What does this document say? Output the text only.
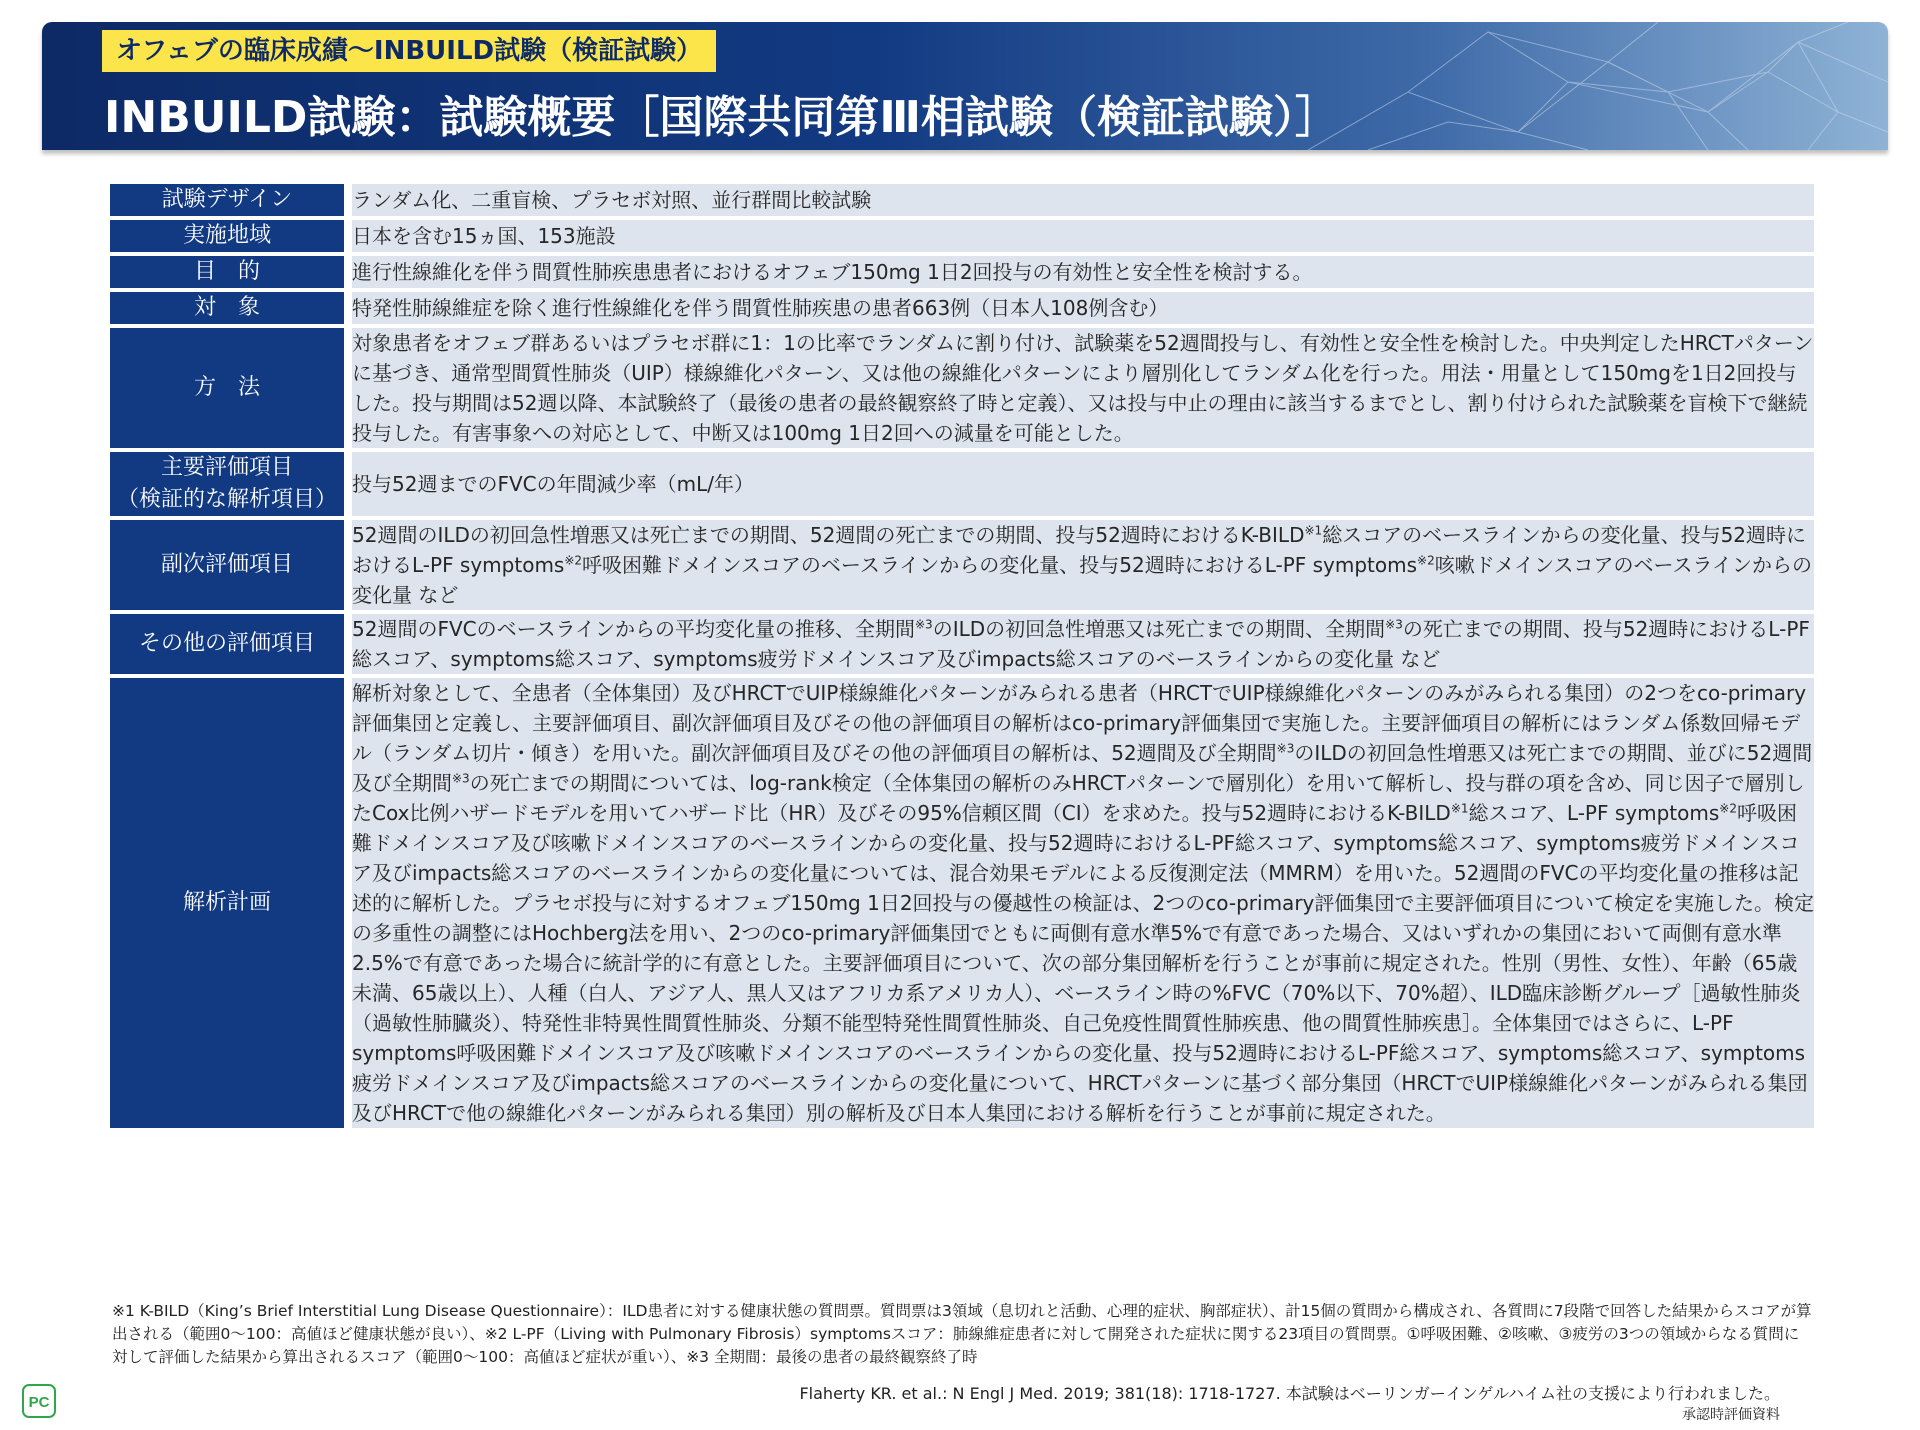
オフェブの臨床成績〜INBUILD試験（検証試験）
INBUILD試験：試験概要［国際共同第Ⅲ相試験（検証試験）］
試験デザイン		ランダム化、二重盲検、プラセボ対照、並行群間比較試験

実施地域		日本を含む15ヵ国、153施設

目　的		進行性線維化を伴う間質性肺疾患患者におけるオフェブ150mg 1日2回投与の有効性と安全性を検討する。

対　象		特発性肺線維症を除く進行性線維化を伴う間質性肺疾患の患者663例（日本人108例含む）

方　法		対象患者をオフェブ群あるいはプラセボ群に1：1の比率でランダムに割り付け、試験薬を52週間投与し、有効性と安全性を検討した。中央判定したHRCTパターンに基づき、通常型間質性肺炎（UIP）様線維化パターン、又は他の線維化パターンにより層別化してランダム化を行った。用法・用量として150mgを1日2回投与した。投与期間は52週以降、本試験終了（最後の患者の最終観察終了時と定義）、又は投与中止の理由に該当するまでとし、割り付けられた試験薬を盲検下で継続投与した。有害事象への対応として、中断又は100mg 1日2回への減量を可能とした。

主要評価項目
（検証的な解析項目）		投与52週までのFVCの年間減少率（mL/年）

副次評価項目		52週間のILDの初回急性増悪又は死亡までの期間、52週間の死亡までの期間、投与52週時におけるK-BILD$^{※1}$総スコアのベースラインからの変化量、投与52週時におけるL-PF symptoms$^{※2}$呼吸困難ドメインスコアのベースラインからの変化量、投与52週時におけるL-PF symptoms$^{※2}$咳嗽ドメインスコアのベースラインからの変化量 など

その他の評価項目		52週間のFVCのベースラインからの平均変化量の推移、全期間$^{※3}$のILDの初回急性増悪又は死亡までの期間、全期間$^{※3}$の死亡までの期間、投与52週時におけるL-PF総スコア、symptoms総スコア、symptoms疲労ドメインスコア及びimpacts総スコアのベースラインからの変化量 など

解析計画		解析対象として、全患者（全体集団）及びHRCTでUIP様線維化パターンがみられる患者（HRCTでUIP様線維化パターンのみがみられる集団）の2つをco-primary評価集団と定義し、主要評価項目、副次評価項目及びその他の評価項目の解析はco-primary評価集団で実施した。主要評価項目の解析にはランダム係数回帰モデル（ランダム切片・傾き）を用いた。副次評価項目及びその他の評価項目の解析は、52週間及び全期間$^{※3}$のILDの初回急性増悪又は死亡までの期間、並びに52週間及び全期間$^{※3}$の死亡までの期間については、log-rank検定（全体集団の解析のみHRCTパターンで層別化）を用いて解析し、投与群の項を含め、同じ因子で層別したCox比例ハザードモデルを用いてハザード比（HR）及びその95%信頼区間（CI）を求めた。投与52週時におけるK-BILD$^{※1}$総スコア、L-PF symptoms$^{※2}$呼吸困難ドメインスコア及び咳嗽ドメインスコアのベースラインからの変化量、投与52週時におけるL-PF総スコア、symptoms総スコア、symptoms疲労ドメインスコア及びimpacts総スコアのベースラインからの変化量については、混合効果モデルによる反復測定法（MMRM）を用いた。52週間のFVCの平均変化量の推移は記述的に解析した。プラセボ投与に対するオフェブ150mg 1日2回投与の優越性の検証は、2つのco-primary評価集団で主要評価項目について検定を実施した。検定の多重性の調整にはHochberg法を用い、2つのco-primary評価集団でともに両側有意水準5%で有意であった場合、又はいずれかの集団において両側有意水準2.5%で有意であった場合に統計学的に有意とした。主要評価項目について、次の部分集団解析を行うことが事前に規定された。性別（男性、女性）、年齢（65歳未満、65歳以上）、人種（白人、アジア人、黒人又はアフリカ系アメリカ人）、ベースライン時の%FVC（70%以下、70%超）、ILD臨床診断グループ［過敏性肺炎（過敏性肺臓炎）、特発性非特異性間質性肺炎、分類不能型特発性間質性肺炎、自己免疫性間質性肺疾患、他の間質性肺疾患］。全体集団ではさらに、L-PF symptoms呼吸困難ドメインスコア及び咳嗽ドメインスコアのベースラインからの変化量、投与52週時におけるL-PF総スコア、symptoms総スコア、symptoms疲労ドメインスコア及びimpacts総スコアのベースラインからの変化量について、HRCTパターンに基づく部分集団（HRCTでUIP様線維化パターンがみられる集団及びHRCTで他の線維化パターンがみられる集団）別の解析及び日本人集団における解析を行うことが事前に規定された。
※1 K-BILD（King’s Brief Interstitial Lung Disease Questionnaire）：ILD患者に対する健康状態の質問票。質問票は3領域（息切れと活動、心理的症状、胸部症状）、計15個の質問から構成され、各質問に7段階で回答した結果からスコアが算出される（範囲0〜100：高値ほど健康状態が良い）、※2 L-PF（Living with Pulmonary Fibrosis）symptomsスコア：肺線維症患者に対して開発された症状に関する23項目の質問票。①呼吸困難、②咳嗽、③疲労の3つの領域からなる質問に対して評価した結果から算出されるスコア（範囲0〜100：高値ほど症状が重い）、※3 全期間：最後の患者の最終観察終了時
PC	Flaherty KR. et al.: N Engl J Med. 2019; 381(18): 1718-1727. 本試験はベーリンガーインゲルハイム社の支援により行われました。
承認時評価資料
